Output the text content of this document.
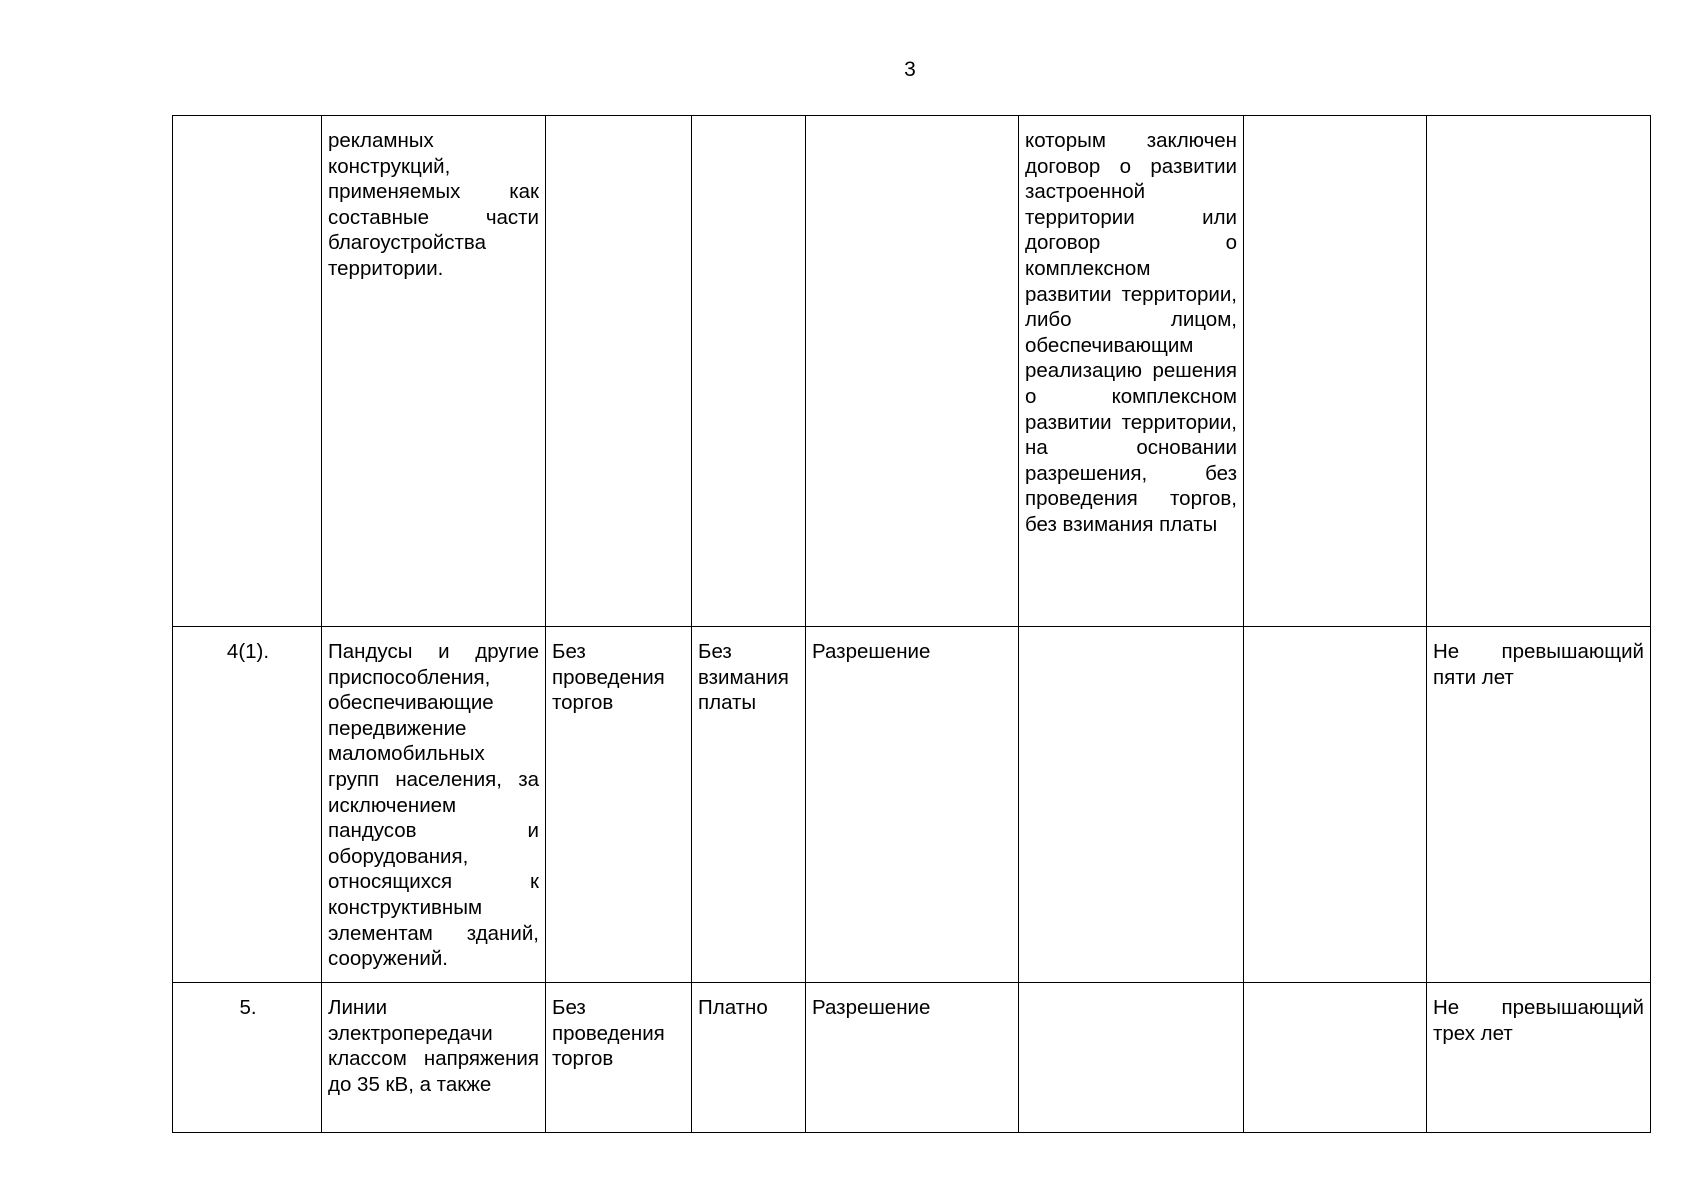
3
	рекламных конструкций, применяемых как составные части благоустройства территории.				которым заключен договор о развитии застроенной территории или договор о комплексном развитии территории, либо лицом, обеспечивающим реализацию решения о комплексном развитии территории, на основании разрешения, без проведения торгов, без взимания платы		
4(1).	Пандусы и другие приспособления, обеспечивающие передвижение маломобильных групп населения, за исключением пандусов и оборудования, относящихся к конструктивным элементам зданий, сооружений.	Без проведения торгов	Без взимания платы	Разрешение			Не превышающий пяти лет
5.	Линии электропередачи классом напряжения до 35 кВ, а также	Без проведения торгов	Платно	Разрешение			Не превышающий трех лет
